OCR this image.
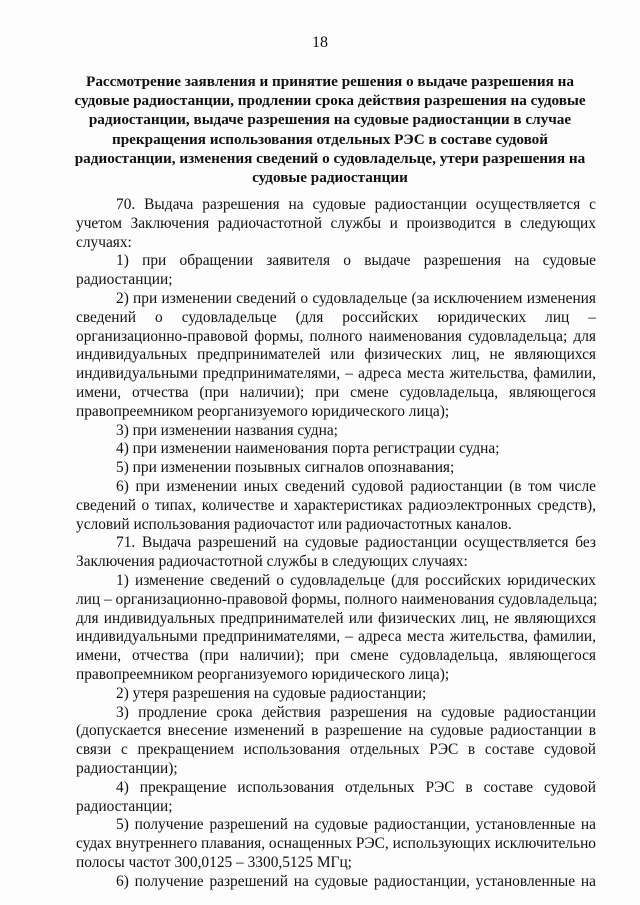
18
Рассмотрение заявления и принятие решения о выдаче разрешения на
судовые радиостанции, продлении срока действия разрешения на судовые
радиостанции, выдаче разрешения на судовые радиостанции в случае
прекращения использования отдельных РЭС в составе судовой
радиостанции, изменения сведений о судовладельце, утери разрешения на
судовые радиостанции
70. Выдача разрешения на судовые радиостанции осуществляется с
учетом Заключения радиочастотной службы и производится в следующих
случаях:
1) при обращении заявителя о выдаче разрешения на судовые
радиостанции;
2) при изменении сведений о судовладельце (за исключением изменения
сведений о судовладельце (для российских юридических лиц –
организационно-правовой формы, полного наименования судовладельца; для
индивидуальных предпринимателей или физических лиц, не являющихся
индивидуальными предпринимателями, – адреса места жительства, фамилии,
имени, отчества (при наличии); при смене судовладельца, являющегося
правопреемником реорганизуемого юридического лица);
3) при изменении названия судна;
4) при изменении наименования порта регистрации судна;
5) при изменении позывных сигналов опознавания;
6) при изменении иных сведений судовой радиостанции (в том числе
сведений о типах, количестве и характеристиках радиоэлектронных средств),
условий использования радиочастот или радиочастотных каналов.
71. Выдача разрешений на судовые радиостанции осуществляется без
Заключения радиочастотной службы в следующих случаях:
1) изменение сведений о судовладельце (для российских юридических
лиц – организационно-правовой формы, полного наименования судовладельца;
для индивидуальных предпринимателей или физических лиц, не являющихся
индивидуальными предпринимателями, – адреса места жительства, фамилии,
имени, отчества (при наличии); при смене судовладельца, являющегося
правопреемником реорганизуемого юридического лица);
2) утеря разрешения на судовые радиостанции;
3) продление срока действия разрешения на судовые радиостанции
(допускается внесение изменений в разрешение на судовые радиостанции в
связи с прекращением использования отдельных РЭС в составе судовой
радиостанции);
4) прекращение использования отдельных РЭС в составе судовой
радиостанции;
5) получение разрешений на судовые радиостанции, установленные на
судах внутреннего плавания, оснащенных РЭС, использующих исключительно
полосы частот 300,0125 – 3300,5125 МГц;
6) получение разрешений на судовые радиостанции, установленные на
